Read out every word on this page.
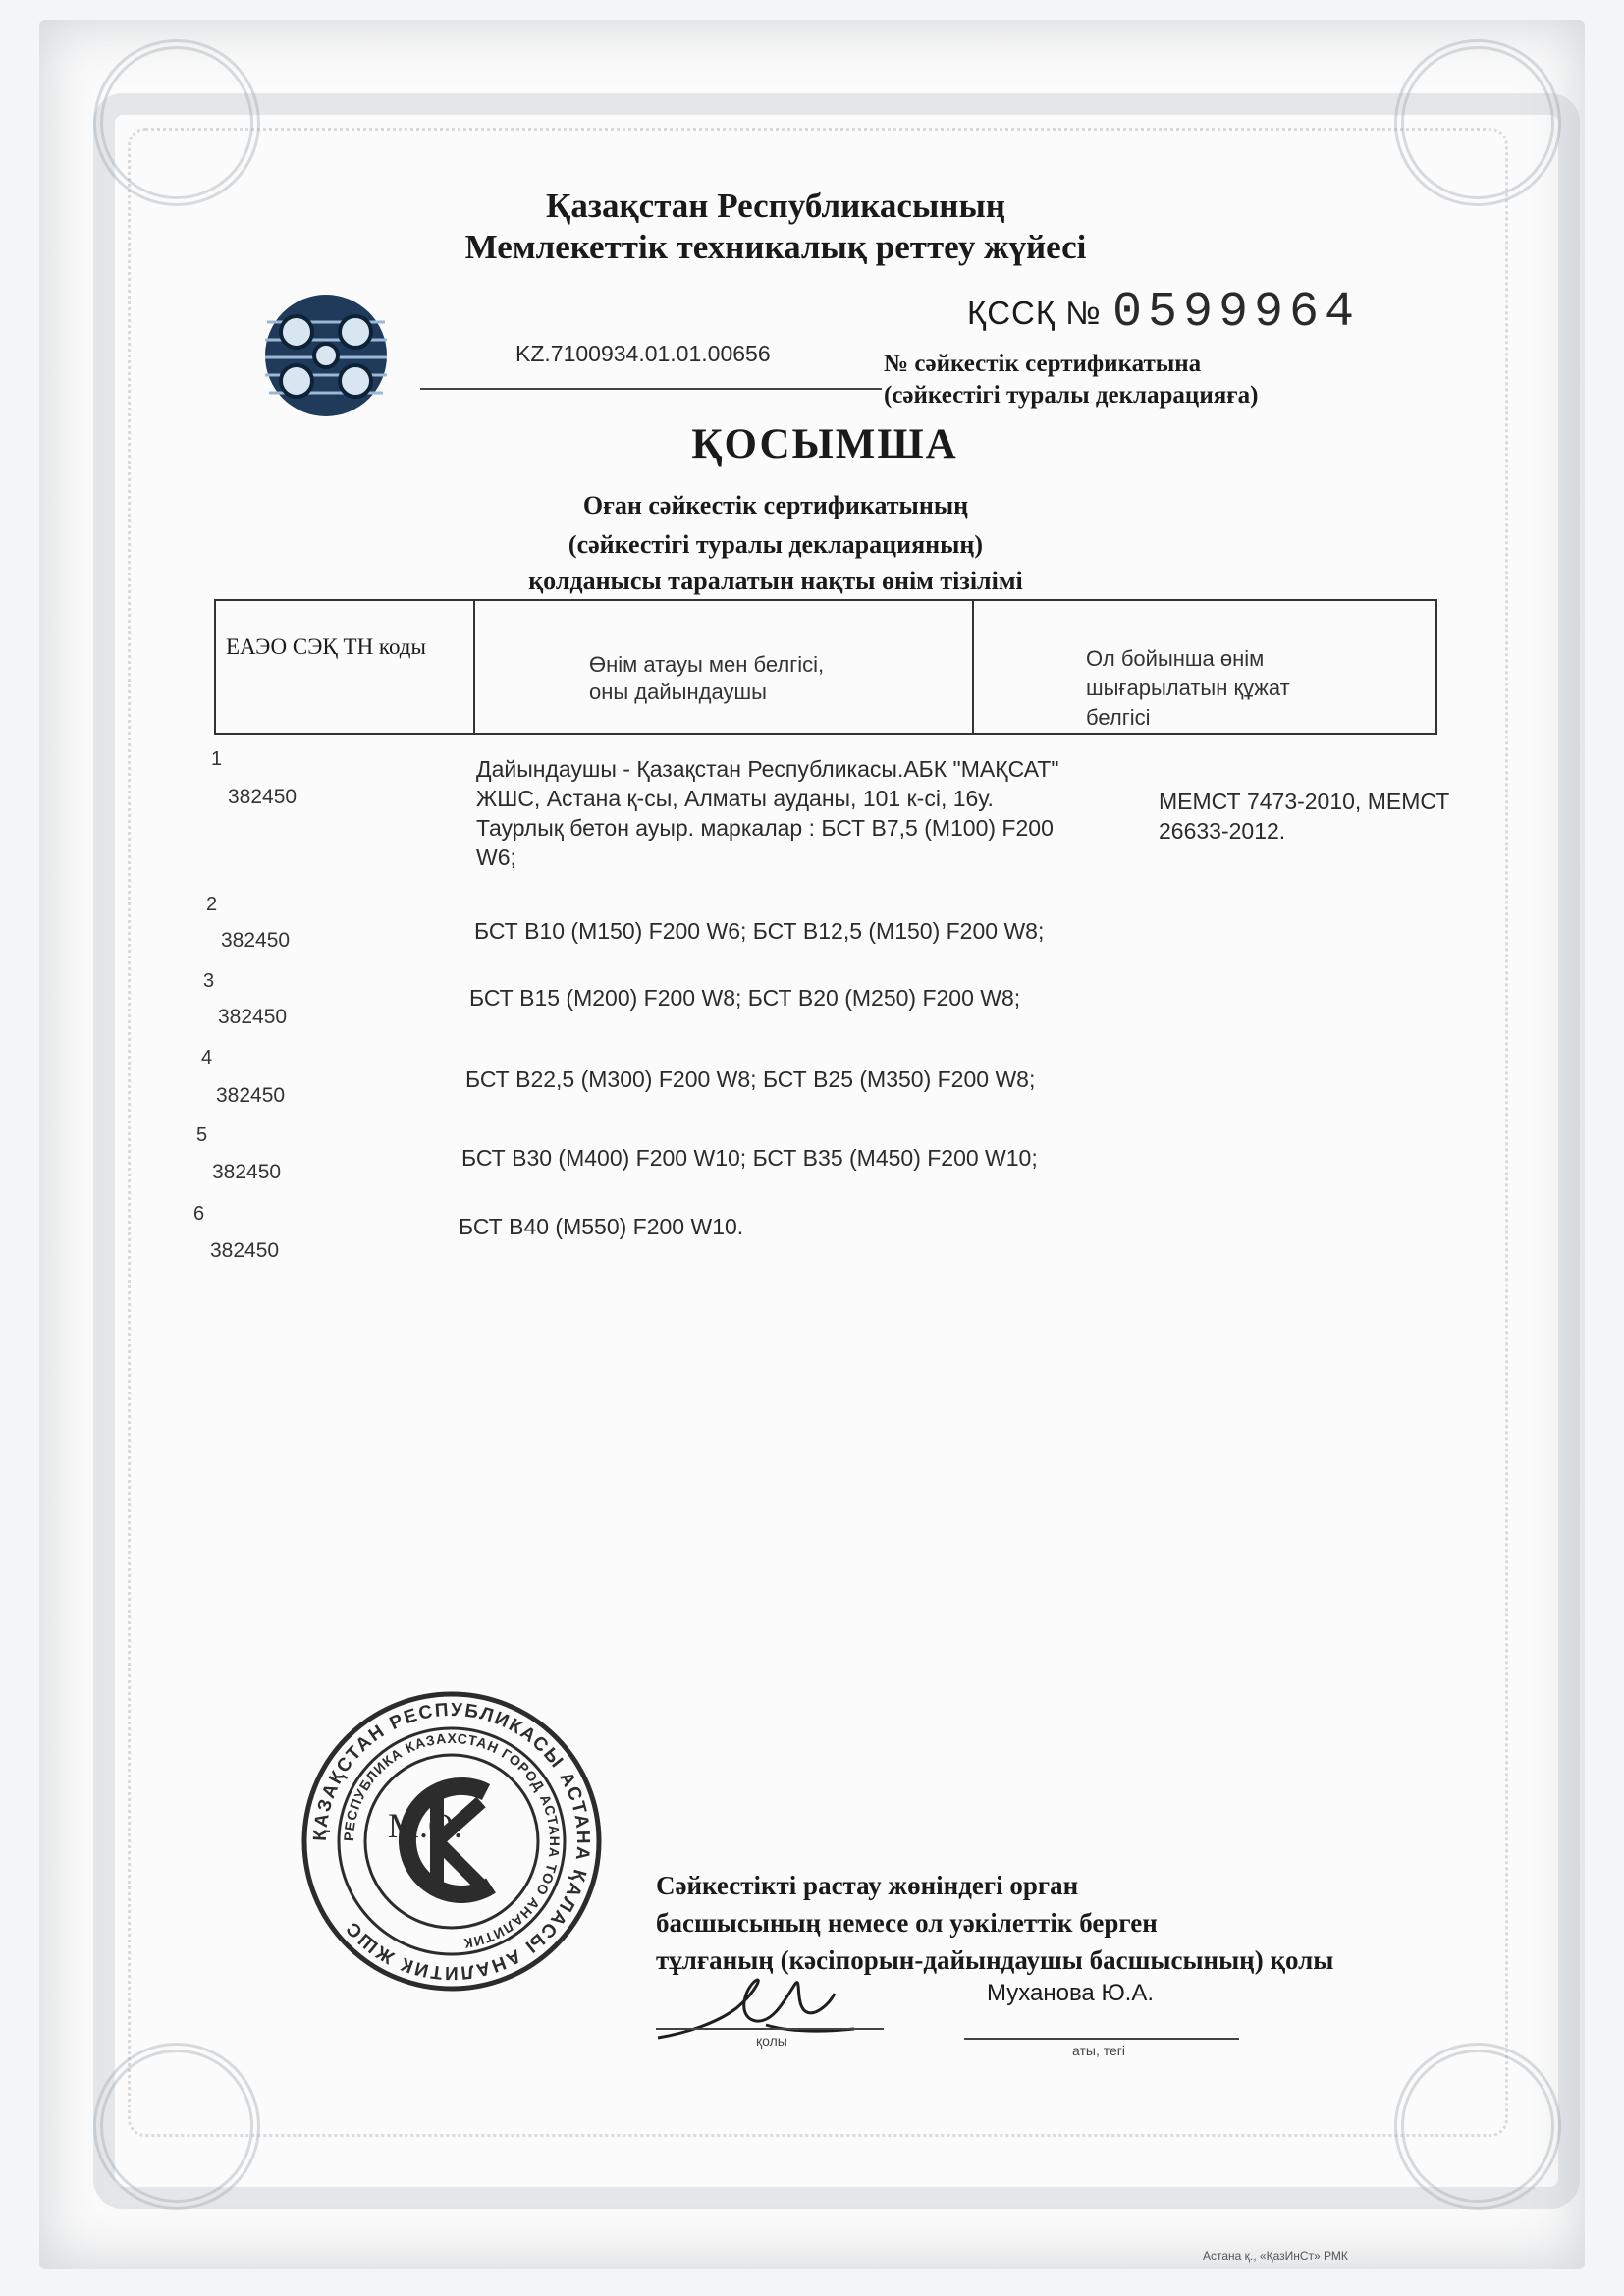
Қазақстан Республикасының
Мемлекеттік техникалық реттеу жүйесі
ҚССҚ № 0599964
KZ.7100934.01.01.00656	№ сәйкестік сертификатына
(сәйкестігі туралы декларацияға)
ҚОСЫМША
Оған сәйкестік сертификатының
(сәйкестігі туралы декларацияның)
қолданысы таралатын нақты өнім тізілімі
ЕАЭО СЭҚ ТН коды
Өнім атауы мен белгісі,
оны дайындаушы
Ол бойынша өнім
шығарылатын құжат
белгісі
1
382450
Дайындаушы - Қазақстан Республикасы.АБК "МАҚСАТ"
ЖШС, Астана қ-сы, Алматы ауданы, 101 к-сі, 16у.
Таурлық бетон ауыр. маркалар : БСТ В7,5 (М100) F200
W6;
МЕМСТ 7473-2010, МЕМСТ
26633-2012.
2
382450	БСТ В10 (М150) F200 W6; БСТ В12,5 (М150) F200 W8;
3
382450
БСТ В15 (М200) F200 W8; БСТ В20 (М250) F200 W8;
4
382450
БСТ В22,5 (М300) F200 W8; БСТ В25 (М350) F200 W8;
5
382450
БСТ В30 (М400) F200 W10; БСТ В35 (М450) F200 W10;
6
382450
БСТ В40 (М550) F200 W10.
ҚАЗАҚСТАН РЕСПУБЛИКАСЫ АСТАНА ҚАЛАСЫ АНАЛИТИК ЖШС
РЕСПУБЛИКА КАЗАХСТАН ГОРОД АСТАНА ТОО АНАЛИТИК
М.О.
Сәйкестікті растау жөніндегі орган
басшысының немесе ол уәкілеттік берген
тұлғаның (кәсіпорын-дайындаушы басшысының) қолы
Муханова Ю.А.
қолы
аты, тегі
Астана қ., «ҚазИнСт» РМК
